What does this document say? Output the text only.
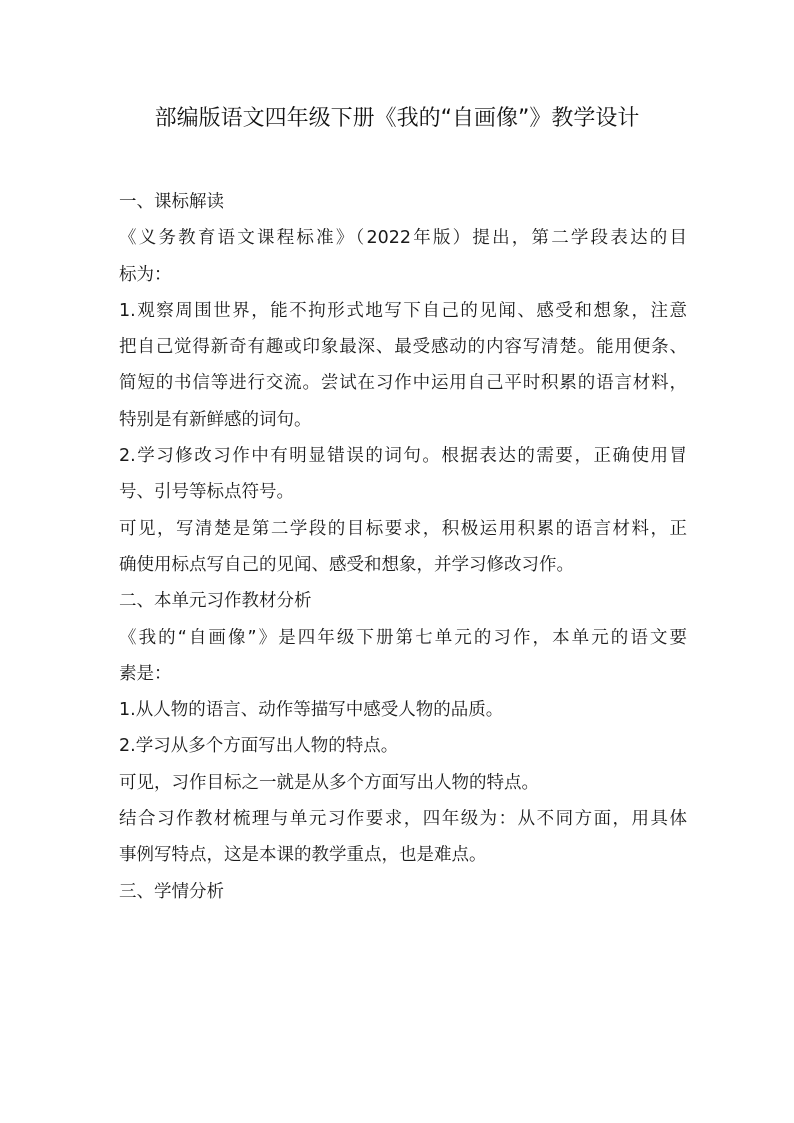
部编版语文四年级下册《我的“自画像”》教学设计
一、课标解读
《义务教育语文课程标准》（2022年版）提出，第二学段表达的目
标为：
1.观察周围世界，能不拘形式地写下自己的见闻、感受和想象，注意
把自己觉得新奇有趣或印象最深、最受感动的内容写清楚。能用便条、
简短的书信等进行交流。尝试在习作中运用自己平时积累的语言材料，
特别是有新鲜感的词句。
2.学习修改习作中有明显错误的词句。根据表达的需要，正确使用冒
号、引号等标点符号。
可见，写清楚是第二学段的目标要求，积极运用积累的语言材料，正
确使用标点写自己的见闻、感受和想象，并学习修改习作。
二、本单元习作教材分析
《我的“自画像”》是四年级下册第七单元的习作，本单元的语文要
素是：
1.从人物的语言、动作等描写中感受人物的品质。
2.学习从多个方面写出人物的特点。
可见，习作目标之一就是从多个方面写出人物的特点。
结合习作教材梳理与单元习作要求，四年级为：从不同方面，用具体
事例写特点，这是本课的教学重点，也是难点。
三、学情分析
